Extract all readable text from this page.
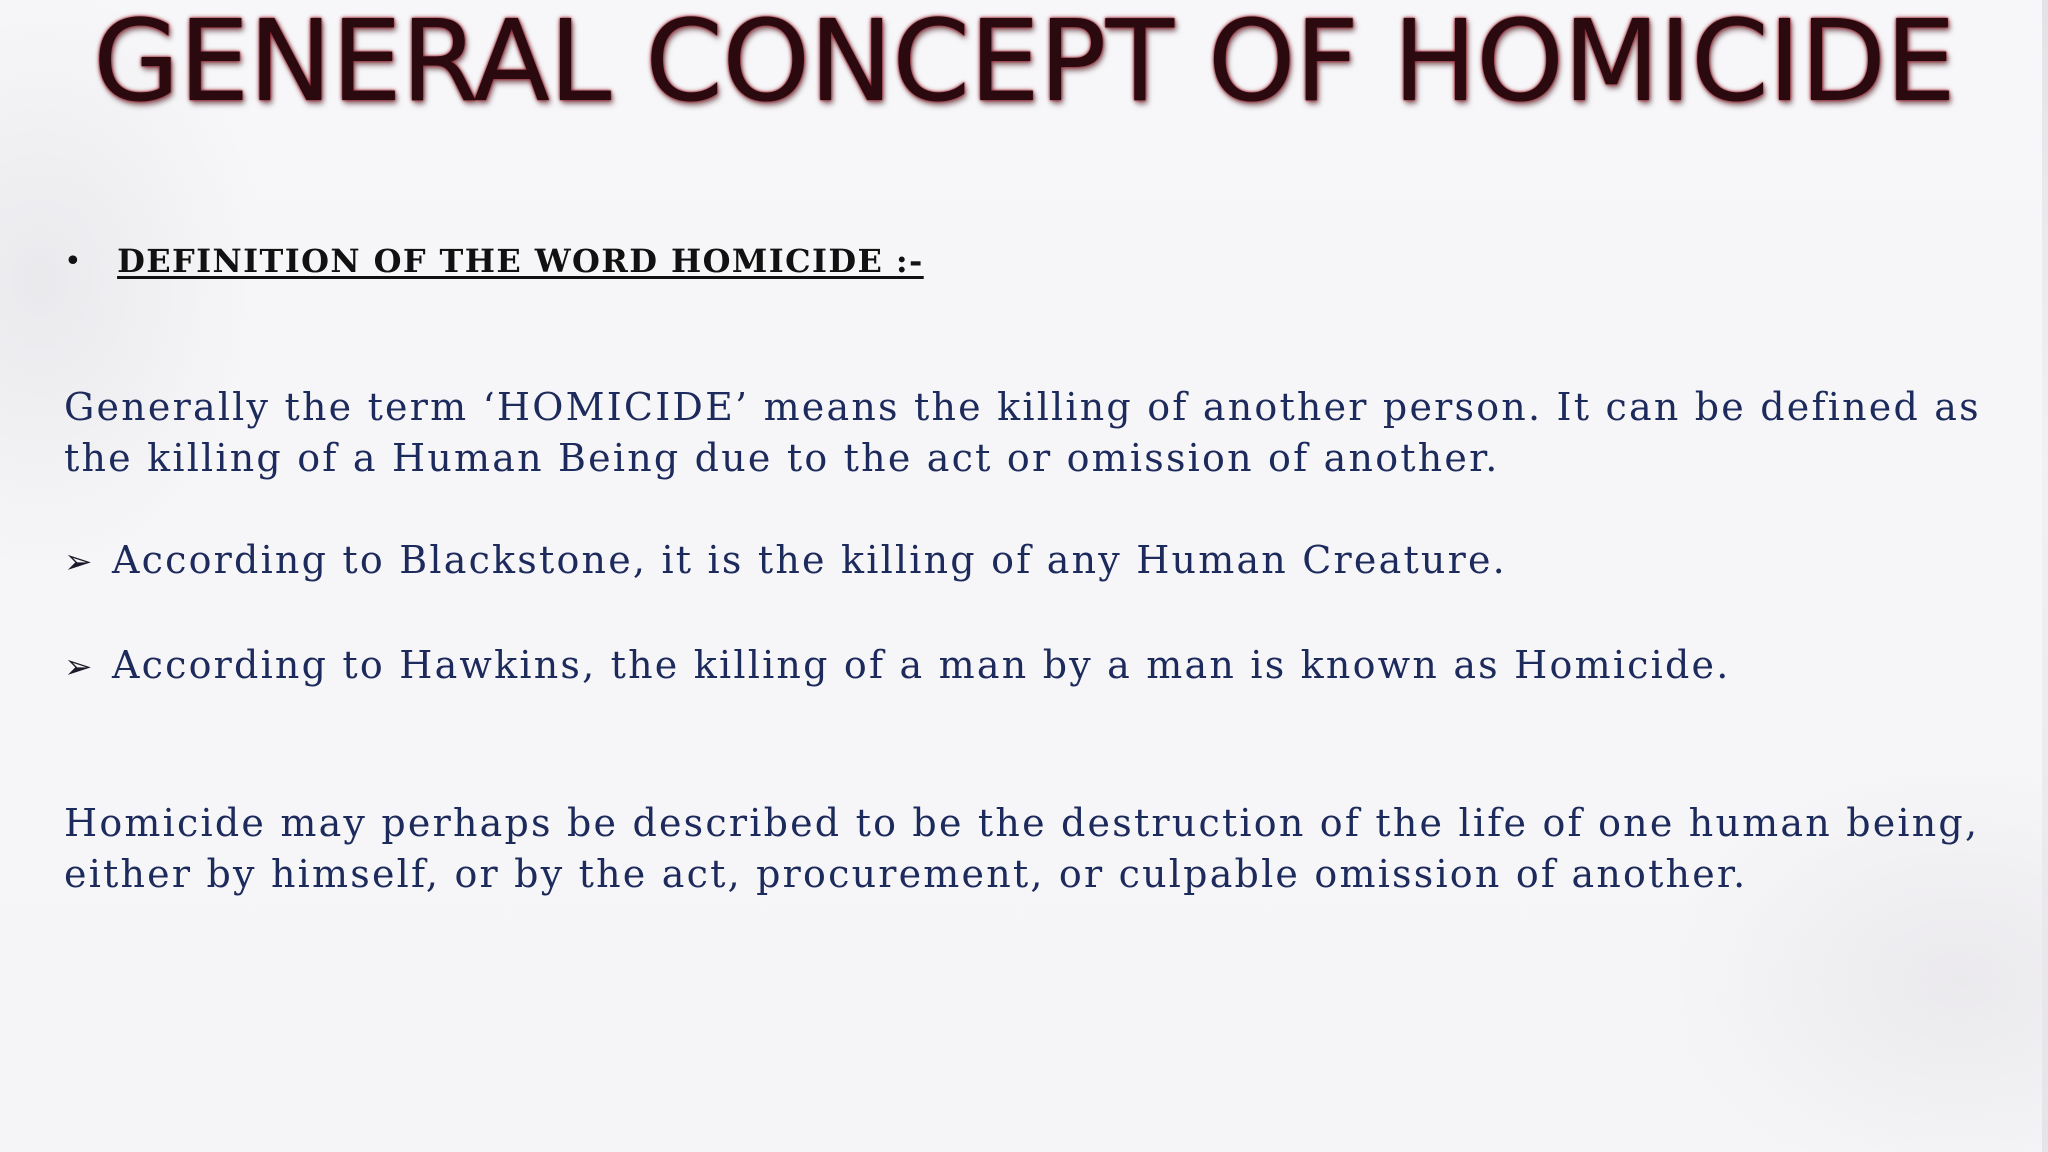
GENERAL CONCEPT OF HOMICIDE
• DEFINITION OF THE WORD HOMICIDE :-

Generally the term ‘HOMICIDE’ means the killing of another person. It can be defined as the killing of a Human Being due to the act or omission of another.

➢ According to Blackstone, it is the killing of any Human Creature.
➢ According to Hawkins, the killing of a man by a man is known as Homicide.

Homicide may perhaps be described to be the destruction of the life of one human being, either by himself, or by the act, procurement, or culpable omission of another.
